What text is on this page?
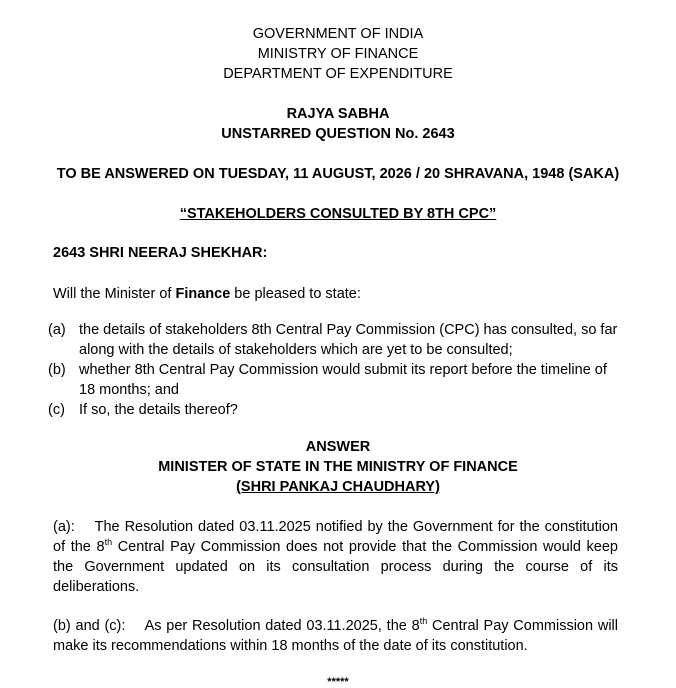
GOVERNMENT OF INDIA
MINISTRY OF FINANCE
DEPARTMENT OF EXPENDITURE
RAJYA SABHA
UNSTARRED QUESTION No. 2643
TO BE ANSWERED ON TUESDAY, 11 AUGUST, 2026 / 20 SHRAVANA, 1948 (SAKA)
“STAKEHOLDERS CONSULTED BY 8TH CPC”
2643 SHRI NEERAJ SHEKHAR:
Will the Minister of Finance be pleased to state:
(a) the details of stakeholders 8th Central Pay Commission (CPC) has consulted, so far along with the details of stakeholders which are yet to be consulted;
(b) whether 8th Central Pay Commission would submit its report before the timeline of 18 months; and
(c) If so, the details thereof?
ANSWER
MINISTER OF STATE IN THE MINISTRY OF FINANCE
(SHRI PANKAJ CHAUDHARY)
(a): The Resolution dated 03.11.2025 notified by the Government for the constitution of the 8th Central Pay Commission does not provide that the Commission would keep the Government updated on its consultation process during the course of its deliberations.
(b) and (c): As per Resolution dated 03.11.2025, the 8th Central Pay Commission will make its recommendations within 18 months of the date of its constitution.
*****
